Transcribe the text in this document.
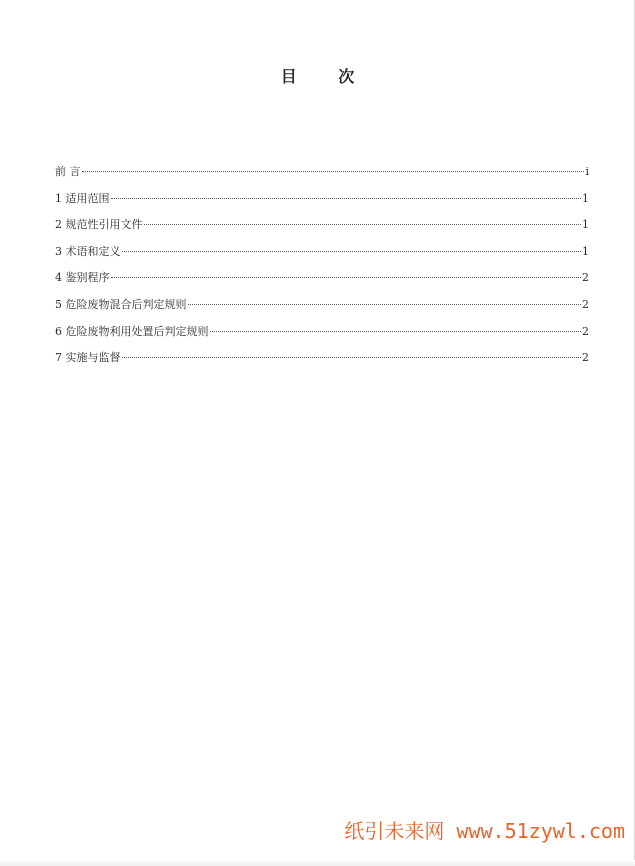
目 次
前 言	i
1 适用范围	1
2 规范性引用文件	1
3 术语和定义	1
4 鉴别程序	2
5 危险废物混合后判定规则	2
6 危险废物利用处置后判定规则	2
7 实施与监督	2
纸引未来网 www.51zywl.com
